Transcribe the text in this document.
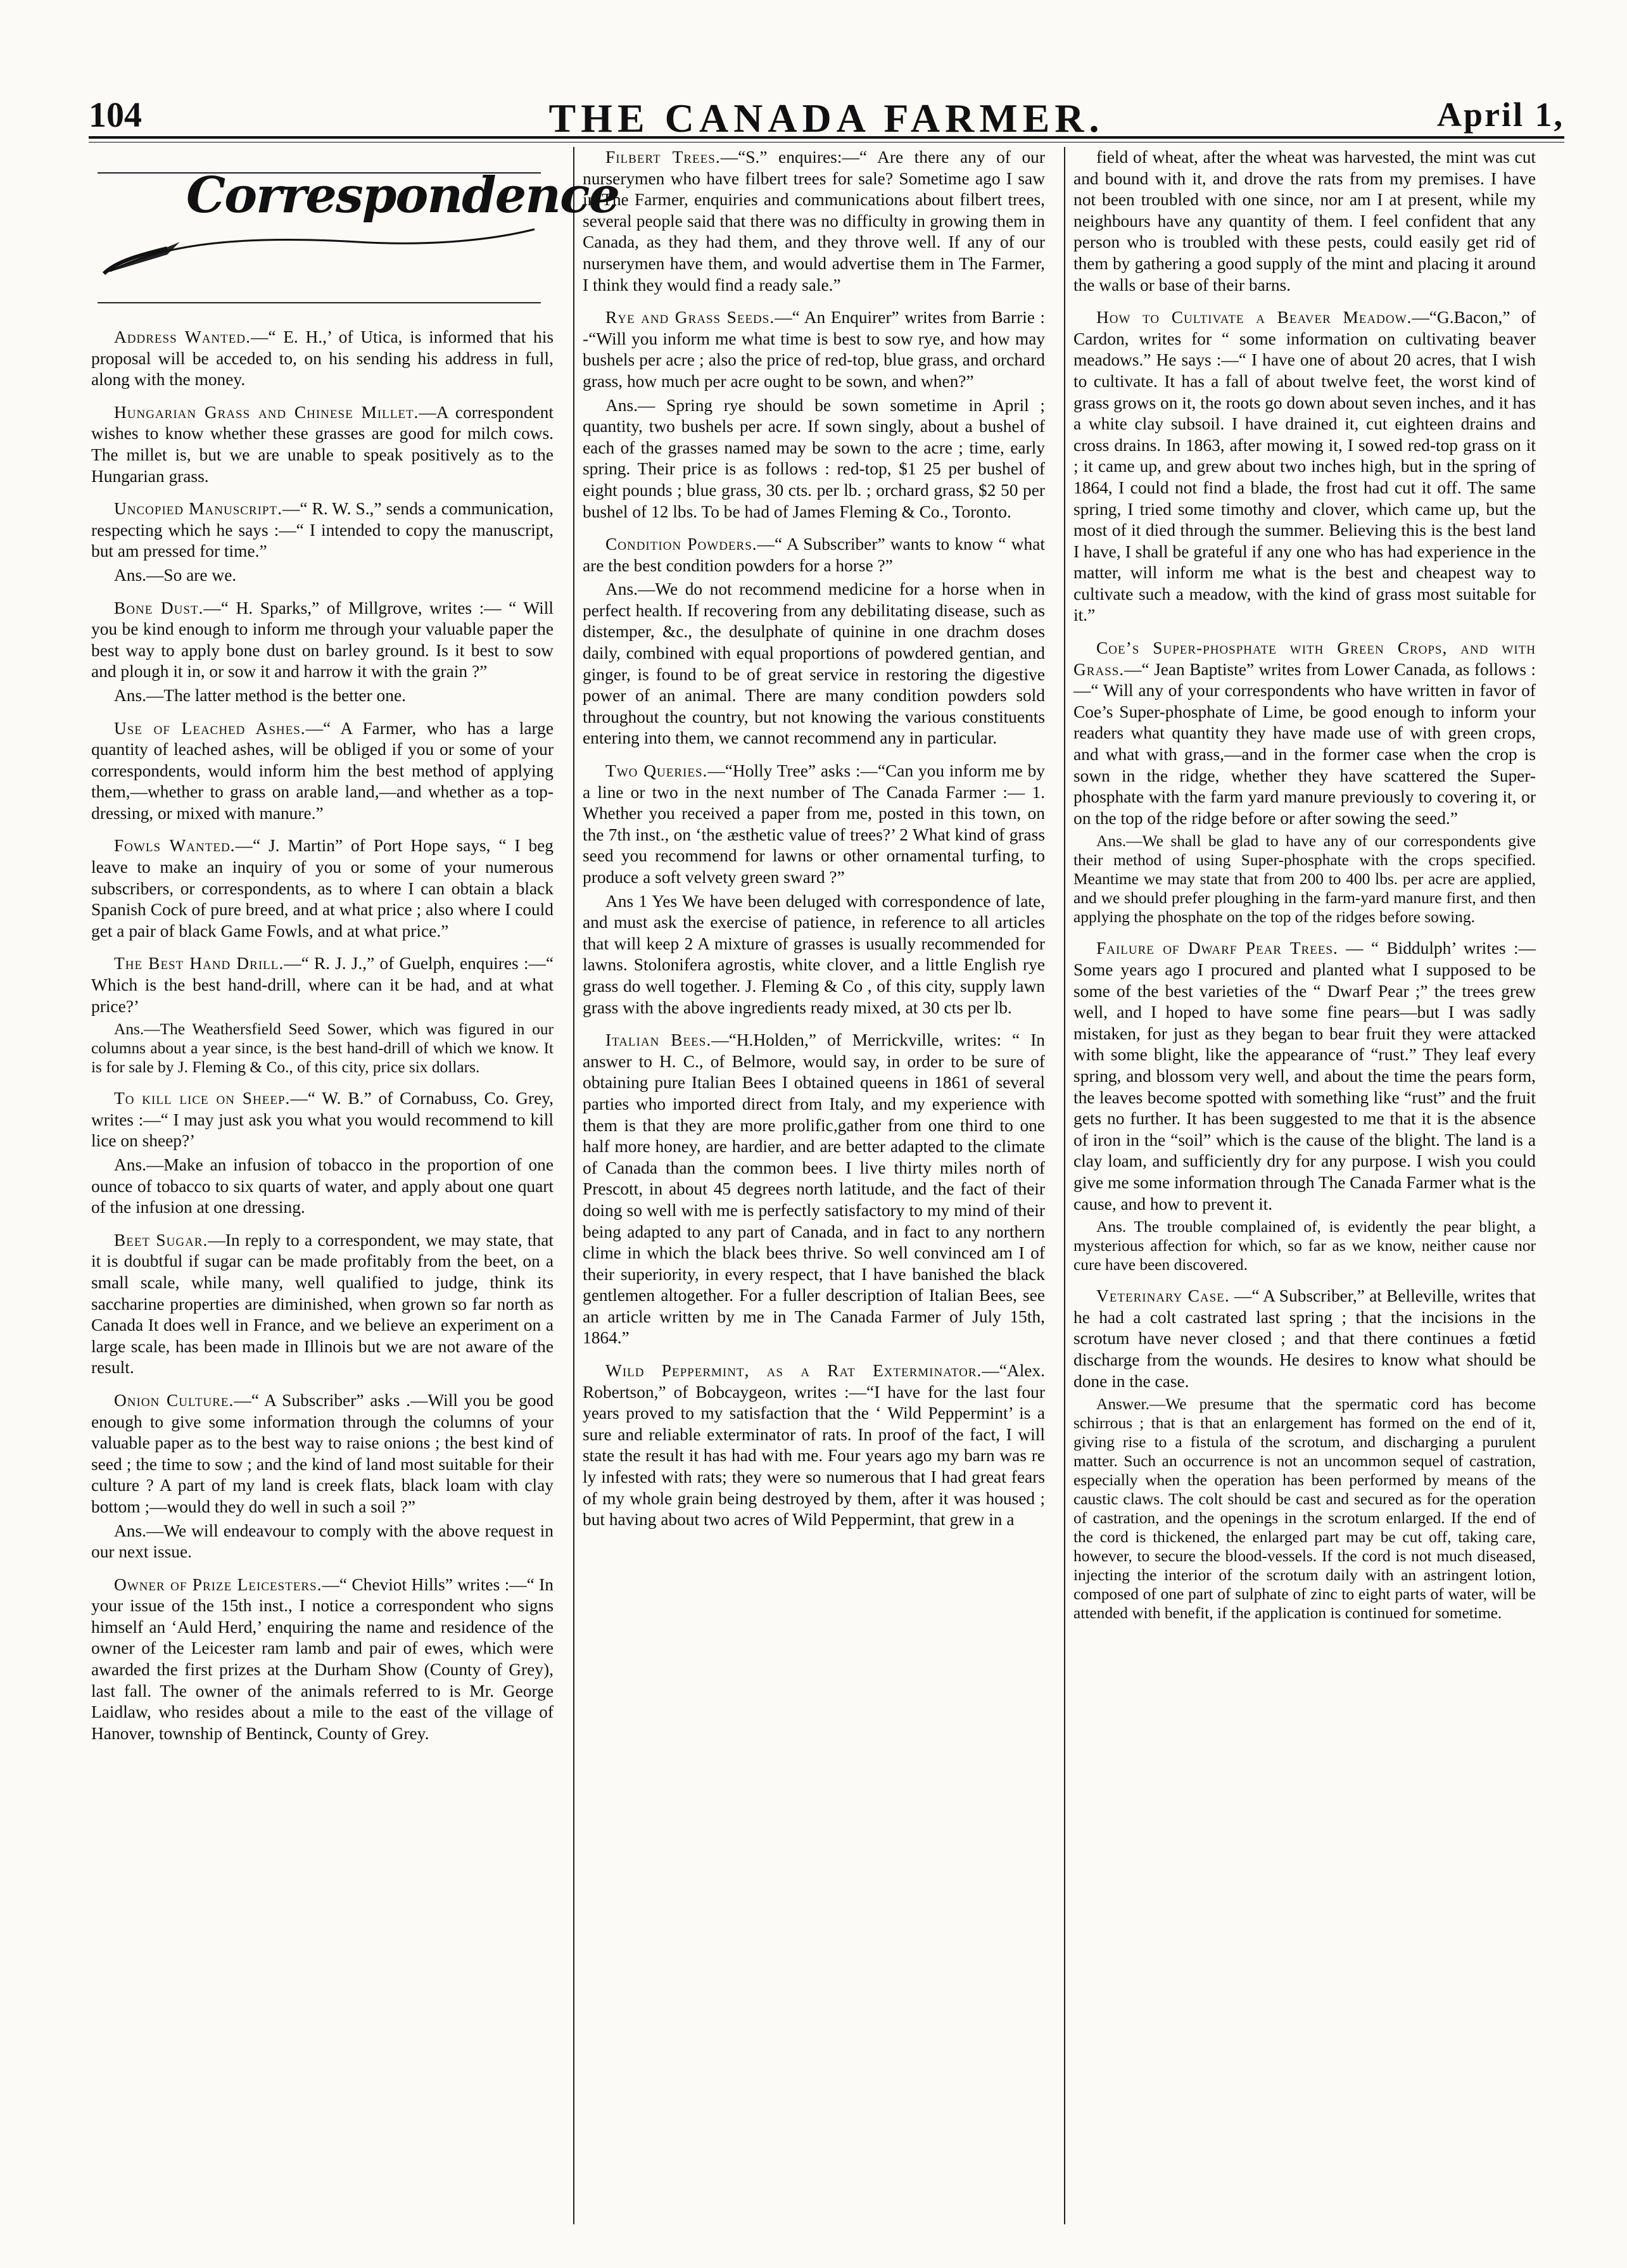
104	THE CANADA FARMER.	April 1,
Correspondence

Address Wanted.—“ E. H.,’ of Utica, is informed that his proposal will be acceded to, on his sending his address in full, along with the money.

Hungarian Grass and Chinese Millet.—A correspondent wishes to know whether these grasses are good for milch cows. The millet is, but we are unable to speak positively as to the Hungarian grass.

Uncopied Manuscript.—“ R. W. S.,” sends a communication, respecting which he says :—“ I intended to copy the manuscript, but am pressed for time.”

Ans.—So are we.

Bone Dust.—“ H. Sparks,” of Millgrove, writes :— “ Will you be kind enough to inform me through your valuable paper the best way to apply bone dust on barley ground. Is it best to sow and plough it in, or sow it and harrow it with the grain ?”

Ans.—The latter method is the better one.

Use of Leached Ashes.—“ A Farmer, who has a large quantity of leached ashes, will be obliged if you or some of your correspondents, would inform him the best method of applying them,—whether to grass on arable land,—and whether as a top-dressing, or mixed with manure.”

Fowls Wanted.—“ J. Martin” of Port Hope says, “ I beg leave to make an inquiry of you or some of your numerous subscribers, or correspondents, as to where I can obtain a black Spanish Cock of pure breed, and at what price ; also where I could get a pair of black Game Fowls, and at what price.”

The Best Hand Drill.—“ R. J. J.,” of Guelph, enquires :—“ Which is the best hand-drill, where can it be had, and at what price?’

Ans.—The Weathersfield Seed Sower, which was figured in our columns about a year since, is the best hand-drill of which we know. It is for sale by J. Fleming & Co., of this city, price six dollars.

To kill lice on Sheep.—“ W. B.” of Cornabuss, Co. Grey, writes :—“ I may just ask you what you would recommend to kill lice on sheep?’

Ans.—Make an infusion of tobacco in the proportion of one ounce of tobacco to six quarts of water, and apply about one quart of the infusion at one dressing.

Beet Sugar.—In reply to a correspondent, we may state, that it is doubtful if sugar can be made profitably from the beet, on a small scale, while many, well qualified to judge, think its saccharine properties are diminished, when grown so far north as Canada It does well in France, and we believe an experiment on a large scale, has been made in Illinois but we are not aware of the result.

Onion Culture.—“ A Subscriber” asks .—Will you be good enough to give some information through the columns of your valuable paper as to the best way to raise onions ; the best kind of seed ; the time to sow ; and the kind of land most suitable for their culture ? A part of my land is creek flats, black loam with clay bottom ;—would they do well in such a soil ?”

Ans.—We will endeavour to comply with the above request in our next issue.

Owner of Prize Leicesters.—“ Cheviot Hills” writes :—“ In your issue of the 15th inst., I notice a correspondent who signs himself an ‘Auld Herd,’ enquiring the name and residence of the owner of the Leicester ram lamb and pair of ewes, which were awarded the first prizes at the Durham Show (County of Grey), last fall. The owner of the animals referred to is Mr. George Laidlaw, who resides about a mile to the east of the village of Hanover, township of Bentinck, County of Grey.

Filbert Trees.—“S.” enquires:—“ Are there any of our nurserymen who have filbert trees for sale? Sometime ago I saw in The Farmer, enquiries and communications about filbert trees, several people said that there was no difficulty in growing them in Canada, as they had them, and they throve well. If any of our nurserymen have them, and would advertise them in The Farmer, I think they would find a ready sale.”

Rye and Grass Seeds.—“ An Enquirer” writes from Barrie : -“Will you inform me what time is best to sow rye, and how may bushels per acre ; also the price of red-top, blue grass, and orchard grass, how much per acre ought to be sown, and when?”

Ans.— Spring rye should be sown sometime in April ; quantity, two bushels per acre. If sown singly, about a bushel of each of the grasses named may be sown to the acre ; time, early spring. Their price is as follows : red-top, $1 25 per bushel of eight pounds ; blue grass, 30 cts. per lb. ; orchard grass, $2 50 per bushel of 12 lbs. To be had of James Fleming & Co., Toronto.

Condition Powders.—“ A Subscriber” wants to know “ what are the best condition powders for a horse ?”

Ans.—We do not recommend medicine for a horse when in perfect health. If recovering from any debilitating disease, such as distemper, &c., the desulphate of quinine in one drachm doses daily, combined with equal proportions of powdered gentian, and ginger, is found to be of great service in restoring the digestive power of an animal. There are many condition powders sold throughout the country, but not knowing the various constituents entering into them, we cannot recommend any in particular.

Two Queries.—“Holly Tree” asks :—“Can you inform me by a line or two in the next number of The Canada Farmer :— 1. Whether you received a paper from me, posted in this town, on the 7th inst., on ‘the æsthetic value of trees?’ 2 What kind of grass seed you recommend for lawns or other ornamental turfing, to produce a soft velvety green sward ?”

Ans 1 Yes We have been deluged with correspondence of late, and must ask the exercise of patience, in reference to all articles that will keep 2 A mixture of grasses is usually recommended for lawns. Stolonifera agrostis, white clover, and a little English rye grass do well together. J. Fleming & Co , of this city, supply lawn grass with the above ingredients ready mixed, at 30 cts per lb.

Italian Bees.—“H.Holden,” of Merrickville, writes: “ In answer to H. C., of Belmore, would say, in order to be sure of obtaining pure Italian Bees I obtained queens in 1861 of several parties who imported direct from Italy, and my experience with them is that they are more prolific,gather from one third to one half more honey, are hardier, and are better adapted to the climate of Canada than the common bees. I live thirty miles north of Prescott, in about 45 degrees north latitude, and the fact of their doing so well with me is perfectly satisfactory to my mind of their being adapted to any part of Canada, and in fact to any northern clime in which the black bees thrive. So well convinced am I of their superiority, in every respect, that I have banished the black gentlemen altogether. For a fuller description of Italian Bees, see an article written by me in The Canada Farmer of July 15th, 1864.”

Wild Peppermint, as a Rat Exterminator.—“Alex. Robertson,” of Bobcaygeon, writes :—“I have for the last four years proved to my satisfaction that the ‘ Wild Peppermint’ is a sure and reliable exterminator of rats. In proof of the fact, I will state the result it has had with me. Four years ago my barn was re ly infested with rats; they were so numerous that I had great fears of my whole grain being destroyed by them, after it was housed ; but having about two acres of Wild Peppermint, that grew in a

field of wheat, after the wheat was harvested, the mint was cut and bound with it, and drove the rats from my premises. I have not been troubled with one since, nor am I at present, while my neighbours have any quantity of them. I feel confident that any person who is troubled with these pests, could easily get rid of them by gathering a good supply of the mint and placing it around the walls or base of their barns.

How to Cultivate a Beaver Meadow.—“G.Bacon,” of Cardon, writes for “ some information on cultivating beaver meadows.” He says :—“ I have one of about 20 acres, that I wish to cultivate. It has a fall of about twelve feet, the worst kind of grass grows on it, the roots go down about seven inches, and it has a white clay subsoil. I have drained it, cut eighteen drains and cross drains. In 1863, after mowing it, I sowed red-top grass on it ; it came up, and grew about two inches high, but in the spring of 1864, I could not find a blade, the frost had cut it off. The same spring, I tried some timothy and clover, which came up, but the most of it died through the summer. Believing this is the best land I have, I shall be grateful if any one who has had experience in the matter, will inform me what is the best and cheapest way to cultivate such a meadow, with the kind of grass most suitable for it.”

Coe’s Super-phosphate with Green Crops, and with Grass.—“ Jean Baptiste” writes from Lower Canada, as follows :—“ Will any of your correspondents who have written in favor of Coe’s Super-phosphate of Lime, be good enough to inform your readers what quantity they have made use of with green crops, and what with grass,—and in the former case when the crop is sown in the ridge, whether they have scattered the Super-phosphate with the farm yard manure previously to covering it, or on the top of the ridge before or after sowing the seed.”

Ans.—We shall be glad to have any of our correspondents give their method of using Super-phosphate with the crops specified. Meantime we may state that from 200 to 400 lbs. per acre are applied, and we should prefer ploughing in the farm-yard manure first, and then applying the phosphate on the top of the ridges before sowing.

Failure of Dwarf Pear Trees. — “ Biddulph’ writes :—Some years ago I procured and planted what I supposed to be some of the best varieties of the “ Dwarf Pear ;” the trees grew well, and I hoped to have some fine pears—but I was sadly mistaken, for just as they began to bear fruit they were attacked with some blight, like the appearance of “rust.” They leaf every spring, and blossom very well, and about the time the pears form, the leaves become spotted with something like “rust” and the fruit gets no further. It has been suggested to me that it is the absence of iron in the “soil” which is the cause of the blight. The land is a clay loam, and sufficiently dry for any purpose. I wish you could give me some information through The Canada Farmer what is the cause, and how to prevent it.

Ans. The trouble complained of, is evidently the pear blight, a mysterious affection for which, so far as we know, neither cause nor cure have been discovered.

Veterinary Case. —“ A Subscriber,” at Belleville, writes that he had a colt castrated last spring ; that the incisions in the scrotum have never closed ; and that there continues a fœtid discharge from the wounds. He desires to know what should be done in the case.

Answer.—We presume that the spermatic cord has become schirrous ; that is that an enlargement has formed on the end of it, giving rise to a fistula of the scrotum, and discharging a purulent matter. Such an occurrence is not an uncommon sequel of castration, especially when the operation has been performed by means of the caustic claws. The colt should be cast and secured as for the operation of castration, and the openings in the scrotum enlarged. If the end of the cord is thickened, the enlarged part may be cut off, taking care, however, to secure the blood-vessels. If the cord is not much diseased, injecting the interior of the scrotum daily with an astringent lotion, composed of one part of sulphate of zinc to eight parts of water, will be attended with benefit, if the application is continued for sometime.
